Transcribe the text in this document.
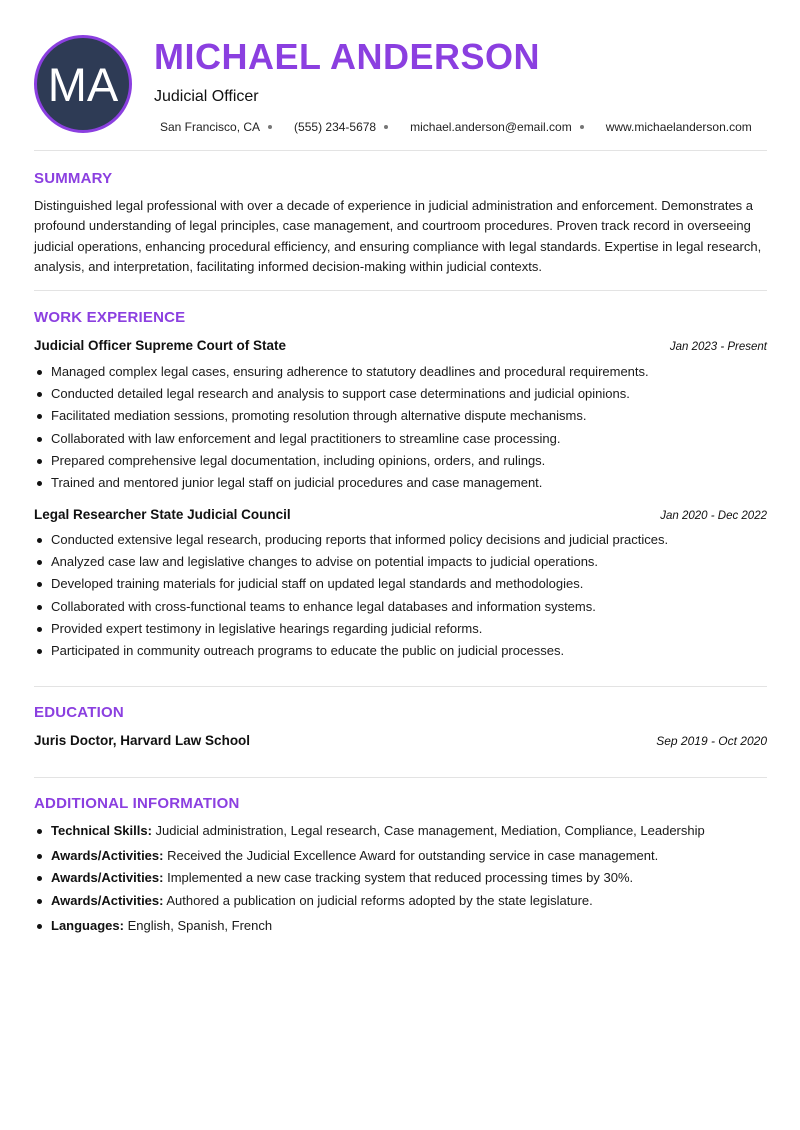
MA
MICHAEL ANDERSON
Judicial Officer
San Francisco, CA	(555) 234-5678	michael.anderson@email.com	www.michaelanderson.com
SUMMARY

Distinguished legal professional with over a decade of experience in judicial administration and enforcement. Demonstrates a profound understanding of legal principles, case management, and courtroom procedures. Proven track record in overseeing judicial operations, enhancing procedural efficiency, and ensuring compliance with legal standards. Expertise in legal research, analysis, and interpretation, facilitating informed decision-making within judicial contexts.

WORK EXPERIENCE
Judicial Officer Supreme Court of State	Jan 2023 - Present
Managed complex legal cases, ensuring adherence to statutory deadlines and procedural requirements.
Conducted detailed legal research and analysis to support case determinations and judicial opinions.
Facilitated mediation sessions, promoting resolution through alternative dispute mechanisms.
Collaborated with law enforcement and legal practitioners to streamline case processing.
Prepared comprehensive legal documentation, including opinions, orders, and rulings.
Trained and mentored junior legal staff on judicial procedures and case management.
Legal Researcher State Judicial Council	Jan 2020 - Dec 2022
Conducted extensive legal research, producing reports that informed policy decisions and judicial practices.
Analyzed case law and legislative changes to advise on potential impacts to judicial operations.
Developed training materials for judicial staff on updated legal standards and methodologies.
Collaborated with cross-functional teams to enhance legal databases and information systems.
Provided expert testimony in legislative hearings regarding judicial reforms.
Participated in community outreach programs to educate the public on judicial processes.
EDUCATION
Juris Doctor, Harvard Law School	Sep 2019 - Oct 2020
ADDITIONAL INFORMATION
Technical Skills: Judicial administration, Legal research, Case management, Mediation, Compliance, Leadership
Awards/Activities: Received the Judicial Excellence Award for outstanding service in case management.
Awards/Activities: Implemented a new case tracking system that reduced processing times by 30%.
Awards/Activities: Authored a publication on judicial reforms adopted by the state legislature.
Languages: English, Spanish, French
